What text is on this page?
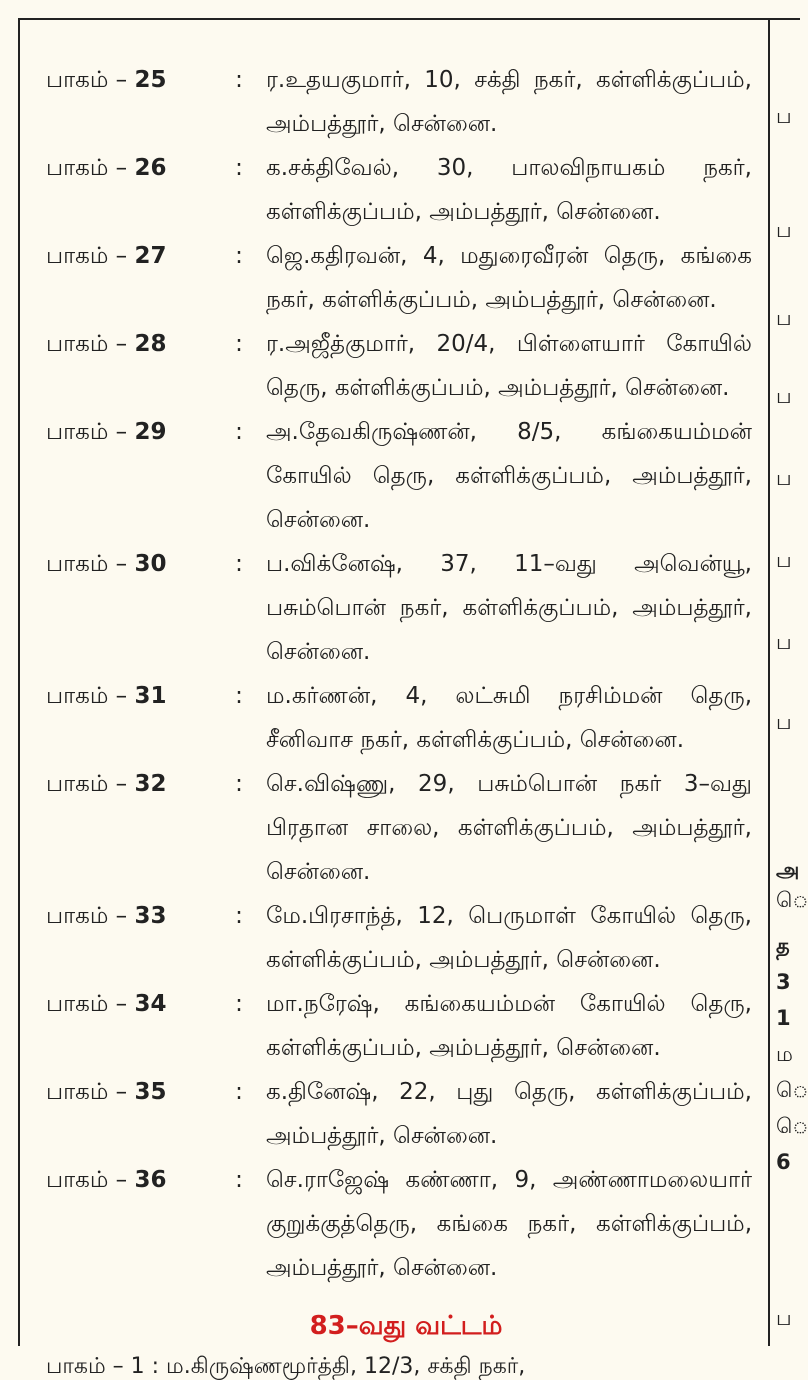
பாகம் – 25	:	ர.உதயகுமார், 10, சக்தி நகர், கள்ளிக்குப்பம், அம்பத்தூர், சென்னை.
பாகம் – 26	:	க.சக்திவேல், 30, பாலவிநாயகம் நகர், கள்ளிக்குப்பம், அம்பத்தூர், சென்னை.
பாகம் – 27	:	ஜெ.கதிரவன், 4, மதுரைவீரன் தெரு, கங்கை நகர், கள்ளிக்குப்பம், அம்பத்தூர், சென்னை.
பாகம் – 28	:	ர.அஜீத்குமார், 20/4, பிள்ளையார் கோயில் தெரு, கள்ளிக்குப்பம், அம்பத்தூர், சென்னை.
பாகம் – 29	:	அ.தேவகிருஷ்ணன், 8/5, கங்கையம்மன் கோயில் தெரு, கள்ளிக்குப்பம், அம்பத்தூர், சென்னை.
பாகம் – 30	:	ப.விக்னேஷ், 37, 11–வது அவென்யூ, பசும்பொன் நகர், கள்ளிக்குப்பம், அம்பத்தூர், சென்னை.
பாகம் – 31	:	ம.கர்ணன், 4, லட்சுமி நரசிம்மன் தெரு, சீனிவாச நகர், கள்ளிக்குப்பம், சென்னை.
பாகம் – 32	:	செ.விஷ்ணு, 29, பசும்பொன் நகர் 3–வது பிரதான சாலை, கள்ளிக்குப்பம், அம்பத்தூர், சென்னை.
பாகம் – 33	:	மே.பிரசாந்த், 12, பெருமாள் கோயில் தெரு, கள்ளிக்குப்பம், அம்பத்தூர், சென்னை.
பாகம் – 34	:	மா.நரேஷ், கங்கையம்மன் கோயில் தெரு, கள்ளிக்குப்பம், அம்பத்தூர், சென்னை.
பாகம் – 35	:	க.தினேஷ், 22, புது தெரு, கள்ளிக்குப்பம், அம்பத்தூர், சென்னை.
பாகம் – 36	:	செ.ராஜேஷ் கண்ணா, 9, அண்ணாமலையார் குறுக்குத்தெரு, கங்கை நகர், கள்ளிக்குப்பம், அம்பத்தூர், சென்னை.
83–வது வட்டம்
பாகம் – 1 : ம.கிருஷ்ணமூர்த்தி, 12/3, சக்தி நகர்,
ப
ப
ப
ப
ப
ப
ப
ப
அ
ெ
த
3
1
ம
ெ
ெ
6
ப
